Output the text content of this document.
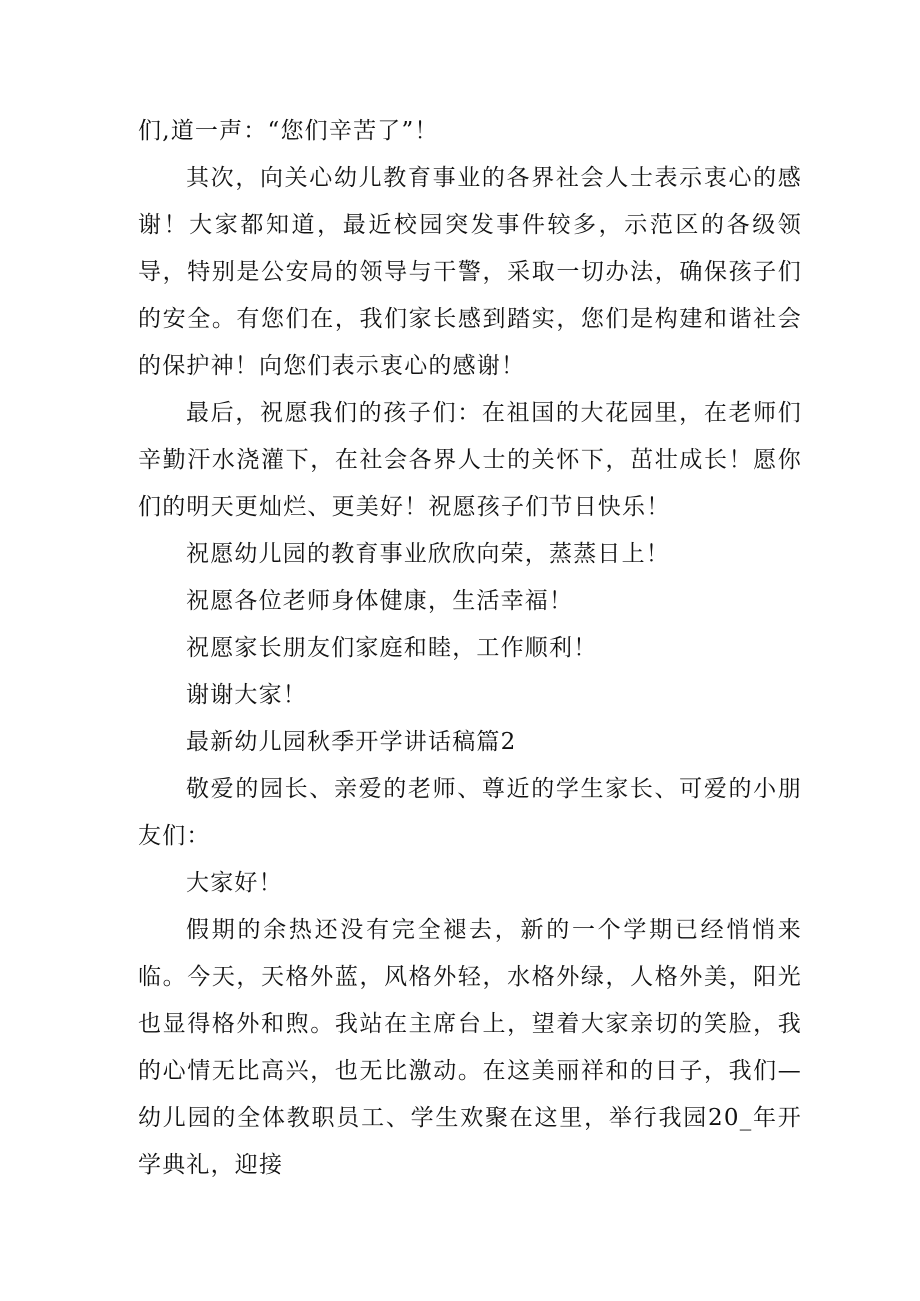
们,道一声：“您们辛苦了”！

其次，向关心幼儿教育事业的各界社会人士表示衷心的感谢！大家都知道，最近校园突发事件较多，示范区的各级领导，特别是公安局的领导与干警，采取一切办法，确保孩子们的安全。有您们在，我们家长感到踏实，您们是构建和谐社会的保护神！向您们表示衷心的感谢！

最后，祝愿我们的孩子们：在祖国的大花园里，在老师们辛勤汗水浇灌下，在社会各界人士的关怀下，茁壮成长！愿你们的明天更灿烂、更美好！祝愿孩子们节日快乐！

祝愿幼儿园的教育事业欣欣向荣，蒸蒸日上！

祝愿各位老师身体健康，生活幸福！

祝愿家长朋友们家庭和睦，工作顺利！

谢谢大家！

最新幼儿园秋季开学讲话稿篇2

敬爱的园长、亲爱的老师、尊近的学生家长、可爱的小朋友们：

大家好！

假期的余热还没有完全褪去，新的一个学期已经悄悄来临。今天，天格外蓝，风格外轻，水格外绿，人格外美，阳光也显得格外和煦。我站在主席台上，望着大家亲切的笑脸，我的心情无比高兴，也无比激动。在这美丽祥和的日子，我们—幼儿园的全体教职员工、学生欢聚在这里，举行我园20_年开学典礼，迎接
